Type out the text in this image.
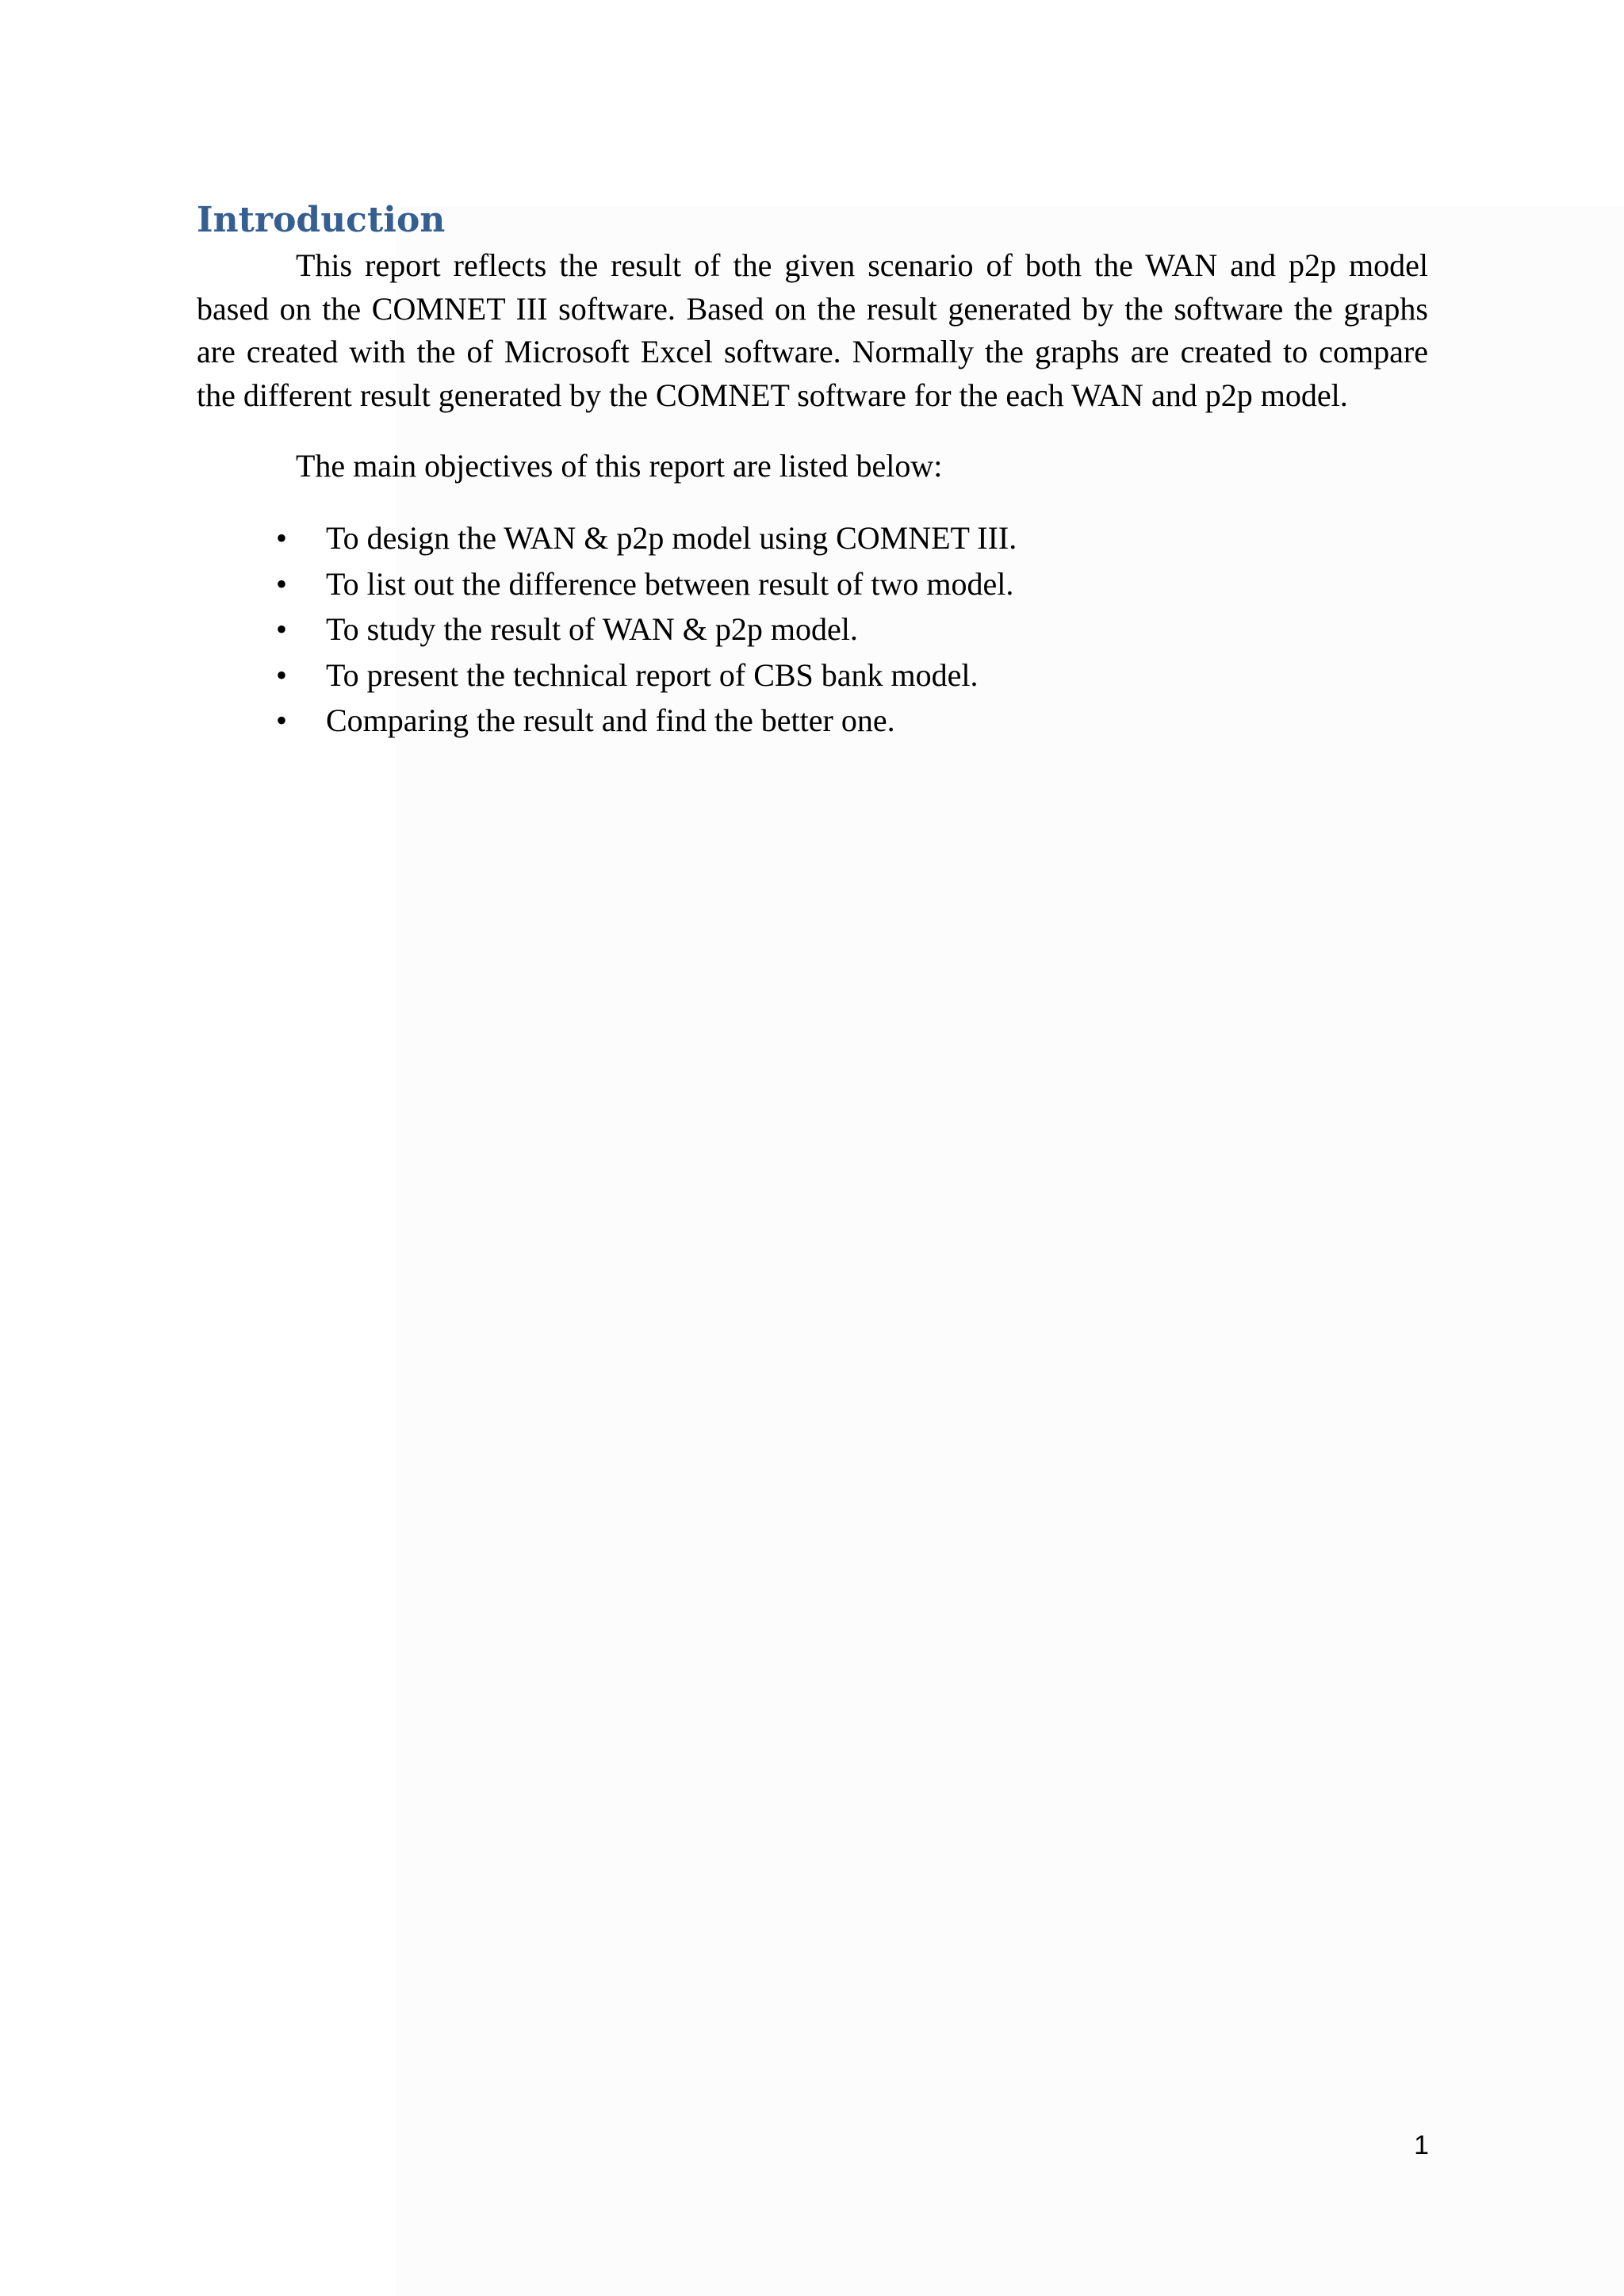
Introduction

This report reflects the result of the given scenario of both the WAN and p2p model based on the COMNET III software. Based on the result generated by the software the graphs are created with the of Microsoft Excel software. Normally the graphs are created to compare the different result generated by the COMNET software for the each WAN and p2p model.

The main objectives of this report are listed below:

• To design the WAN & p2p model using COMNET III.
• To list out the difference between result of two model.
• To study the result of WAN & p2p model.
• To present the technical report of CBS bank model.
• Comparing the result and find the better one.
1
